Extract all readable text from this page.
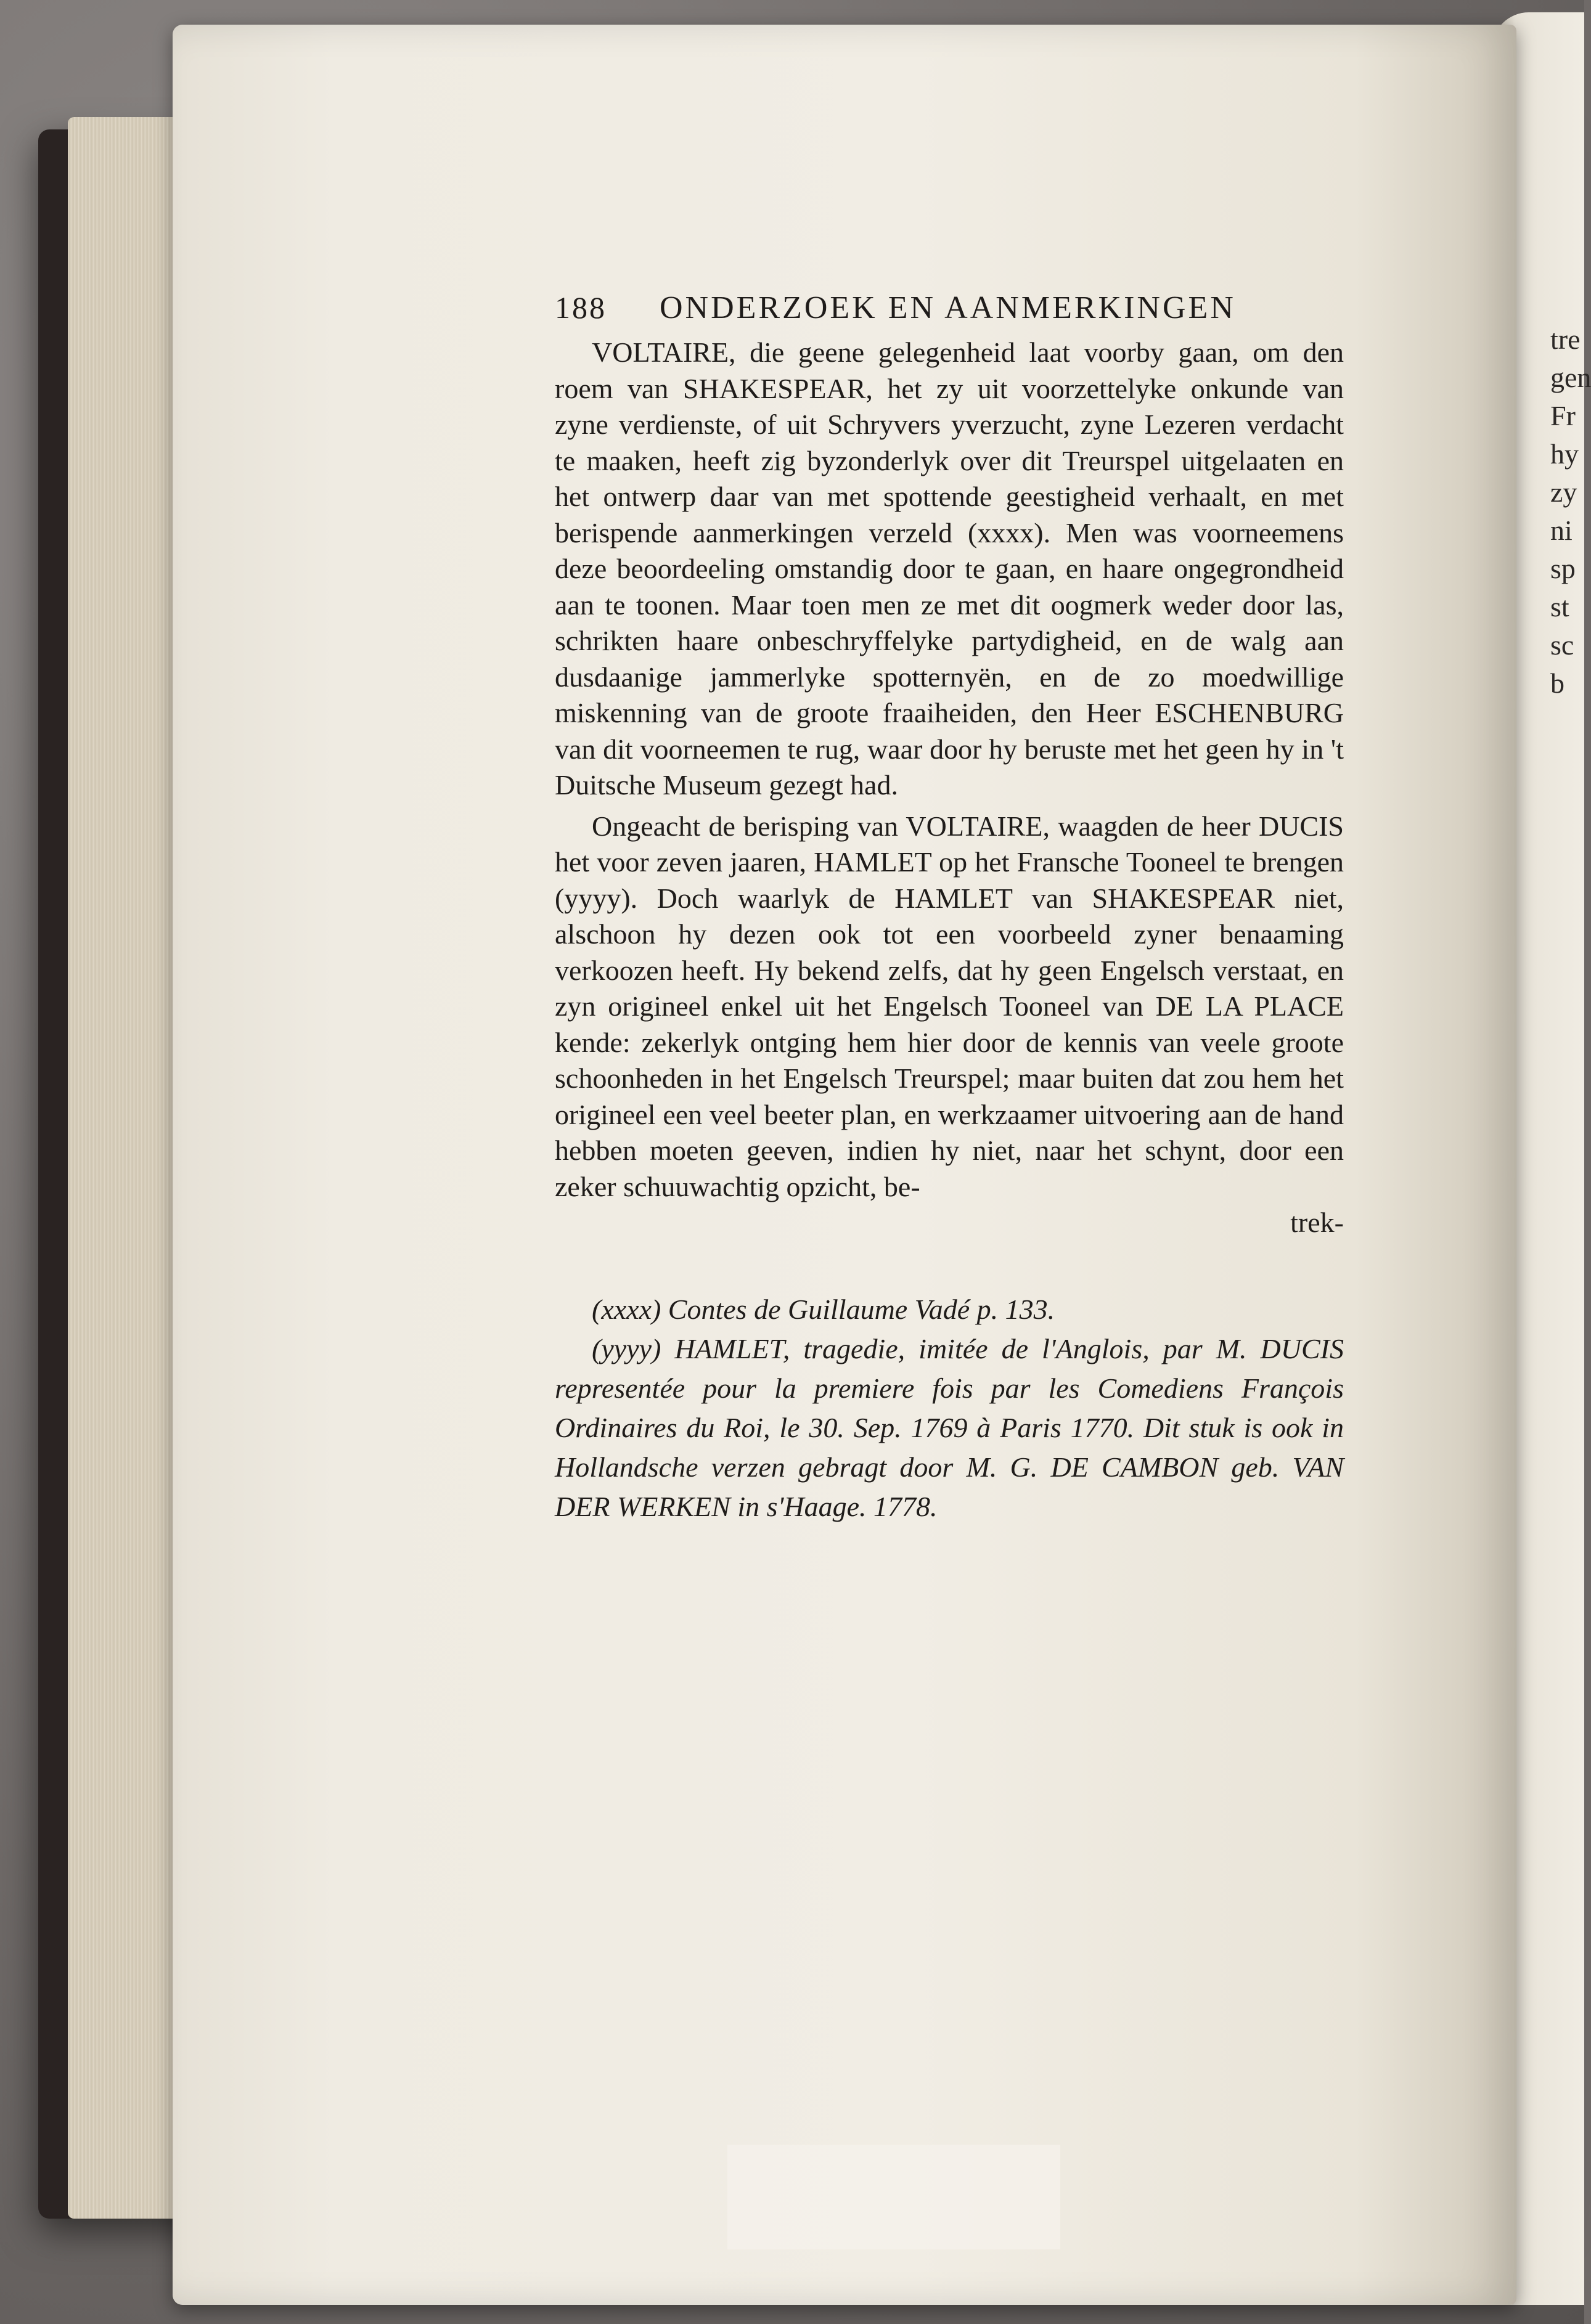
tre
gen
Fr
hy
zy
ni
sp
st
sc
b
188	ONDERZOEK EN AANMERKINGEN

VOLTAIRE, die geene gelegenheid laat voorby gaan, om den roem van SHAKESPEAR, het zy uit voorzettelyke onkunde van zyne verdienste, of uit Schryvers yverzucht, zyne Lezeren verdacht te maaken, heeft zig byzonderlyk over dit Treurspel uitgelaaten en het ontwerp daar van met spottende geestigheid verhaalt, en met berispende aanmerkingen verzeld (xxxx). Men was voorneemens deze beoordeeling omstandig door te gaan, en haare ongegrondheid aan te toonen. Maar toen men ze met dit oogmerk weder door las, schrikten haare onbeschryffelyke partydigheid, en de walg aan dusdaanige jammerlyke spotternyën, en de zo moedwillige miskenning van de groote fraaiheiden, den Heer ESCHENBURG van dit voorneemen te rug, waar door hy beruste met het geen hy in 't Duitsche Museum gezegt had.

Ongeacht de berisping van VOLTAIRE, waagden de heer DUCIS het voor zeven jaaren, HAMLET op het Fransche Tooneel te brengen (yyyy). Doch waarlyk de HAMLET van SHAKESPEAR niet, alschoon hy dezen ook tot een voorbeeld zyner benaaming verkoozen heeft. Hy bekend zelfs, dat hy geen Engelsch verstaat, en zyn origineel enkel uit het Engelsch Tooneel van DE LA PLACE kende: zekerlyk ontging hem hier door de kennis van veele groote schoonheden in het Engelsch Treurspel; maar buiten dat zou hem het origineel een veel beeter plan, en werkzaamer uitvoering aan de hand hebben moeten geeven, indien hy niet, naar het schynt, door een zeker schuuwachtig opzicht, be-

trek-

(xxxx) Contes de Guillaume Vadé p. 133.

(yyyy) HAMLET, tragedie, imitée de l'Anglois, par M. DUCIS representée pour la premiere fois par les Comediens François Ordinaires du Roi, le 30. Sep. 1769 à Paris 1770. Dit stuk is ook in Hollandsche verzen gebragt door M. G. DE CAMBON geb. VAN DER WERKEN in s'Haage. 1778.
